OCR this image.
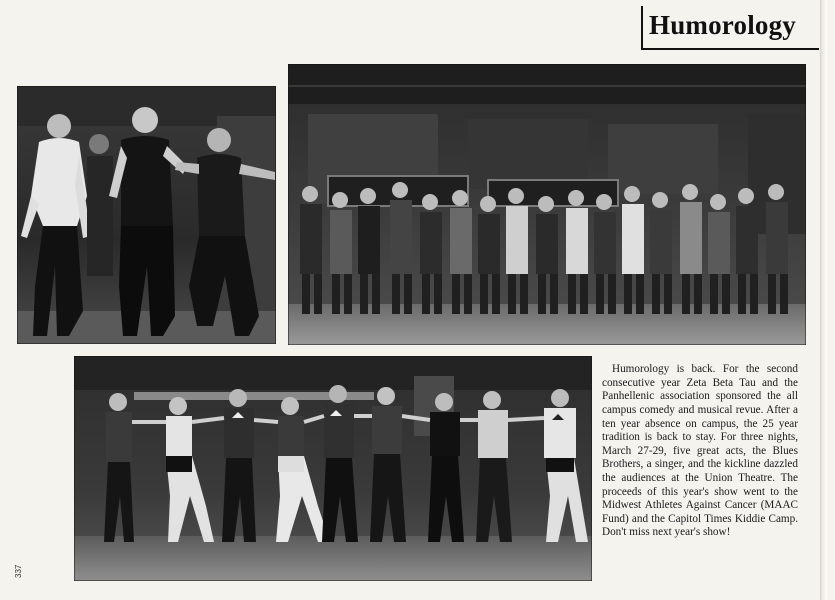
Humorology

Humorology is back. For the second consecutive year Zeta Beta Tau and the Panhellenic association sponsored the all campus comedy and musical revue. After a ten year absence on campus, the 25 year tradition is back to stay. For three nights, March 27-29, five great acts, the Blues Brothers, a singer, and the kickline dazzled the audiences at the Union Theatre. The proceeds of this year's show went to the Midwest Athletes Against Cancer (MAAC Fund) and the Capitol Times Kiddie Camp. Don't miss next year's show!

337
